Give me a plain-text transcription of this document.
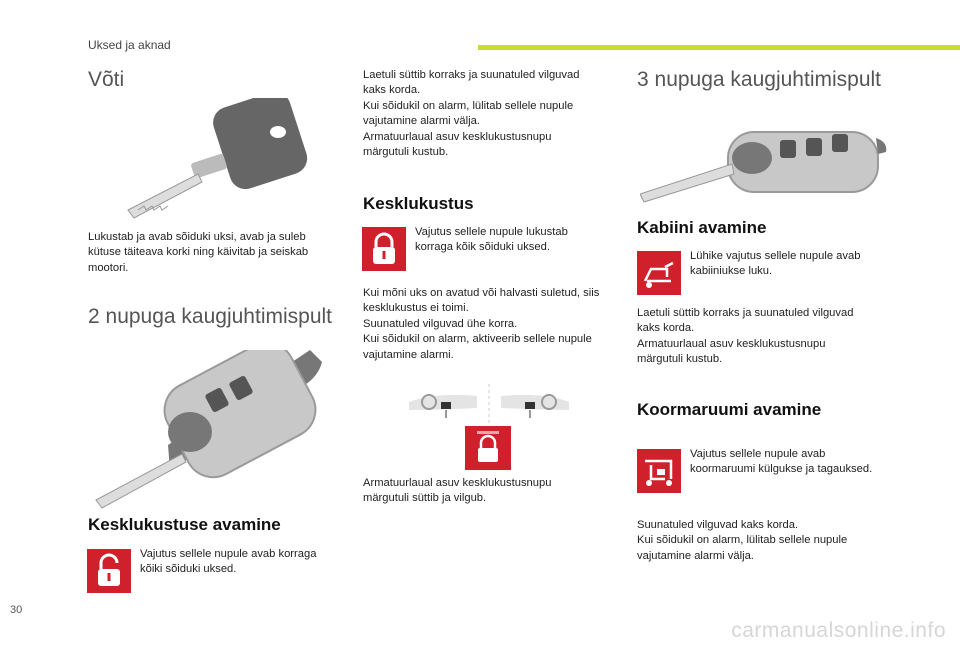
Uksed ja aknad
Võti
Lukustab ja avab sõiduki uksi, avab ja suleb
kütuse täiteava korki ning käivitab ja seiskab
mootori.
2 nupuga kaugjuhtimispult
Kesklukustuse avamine
Vajutus sellele nupule avab korraga
kõiki sõiduki uksed.
Laetuli süttib korraks ja suunatuled vilguvad
kaks korda.
Kui sõidukil on alarm, lülitab sellele nupule
vajutamine alarmi välja.
Armatuurlaual asuv kesklukustusnupu
märgutuli kustub.
Kesklukustus
Vajutus sellele nupule lukustab
korraga kõik sõiduki uksed.
Kui mõni uks on avatud või halvasti suletud, siis
kesklukustus ei toimi.
Suunatuled vilguvad ühe korra.
Kui sõidukil on alarm, aktiveerib sellele nupule
vajutamine alarmi.
Armatuurlaual asuv kesklukustusnupu
märgutuli süttib ja vilgub.
3 nupuga kaugjuhtimispult
Kabiini avamine
Lühike vajutus sellele nupule avab
kabiiniukse luku.
Laetuli süttib korraks ja suunatuled vilguvad
kaks korda.
Armatuurlaual asuv kesklukustusnupu
märgutuli kustub.
Koormaruumi avamine
Vajutus sellele nupule avab
koormaruumi külgukse ja tagauksed.
Suunatuled vilguvad kaks korda.
Kui sõidukil on alarm, lülitab sellele nupule
vajutamine alarmi välja.
30
carmanualsonline.info
